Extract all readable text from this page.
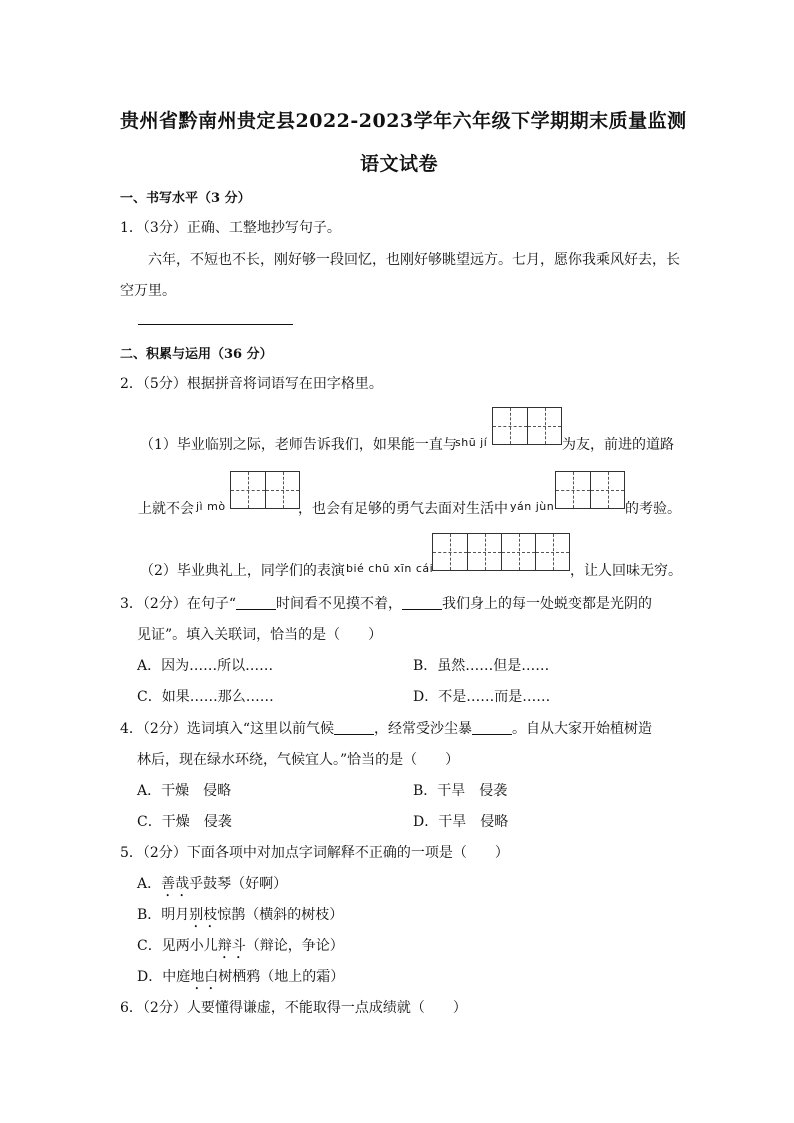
贵州省黔南州贵定县2022-2023学年六年级下学期期末质量监测
语文试卷
一、书写水平（3 分）
1．（3分）正确、工整地抄写句子。
六年，不短也不长，刚好够一段回忆，也刚好够眺望远方。七月，愿你我乘风好去，长
空万里。
二、积累与运用（36 分）
2．（5分）根据拼音将词语写在田字格里。
（1）毕业临别之际，老师告诉我们，如果能一直与
shū jí	为友，前进的道路
上就不会 jì mò	，也会有足够的勇气去面对生活中 yán jùn	的考验。
（2）毕业典礼上，同学们的表演 bié chū xīn cái	，让人回味无穷。
3．（2分）在句子“	时间看不见摸不着，	我们身上的每一处蜕变都是光阴的
见证”。填入关联词，恰当的是（　　）
A．因为……所以……	B．虽然……但是……
C．如果……那么……	D．不是……而是……
4．（2分）选词填入“这里以前气候	，经常受沙尘暴	。自从大家开始植树造
林后，现在绿水环绕，气候宜人。”恰当的是（　　）
A．干燥　侵略	B．干旱　侵袭
C．干燥　侵袭	D．干旱　侵略
5．（2分）下面各项中对加点字词解释不正确的一项是（　　）
A．善哉乎鼓琴（好啊）
B．明月别枝惊鹊（横斜的树枝）
C．见两小儿辩斗（辩论，争论）
D．中庭地白树栖鸦（地上的霜）
6．（2分）人要懂得谦虚，不能取得一点成绩就（　　）
